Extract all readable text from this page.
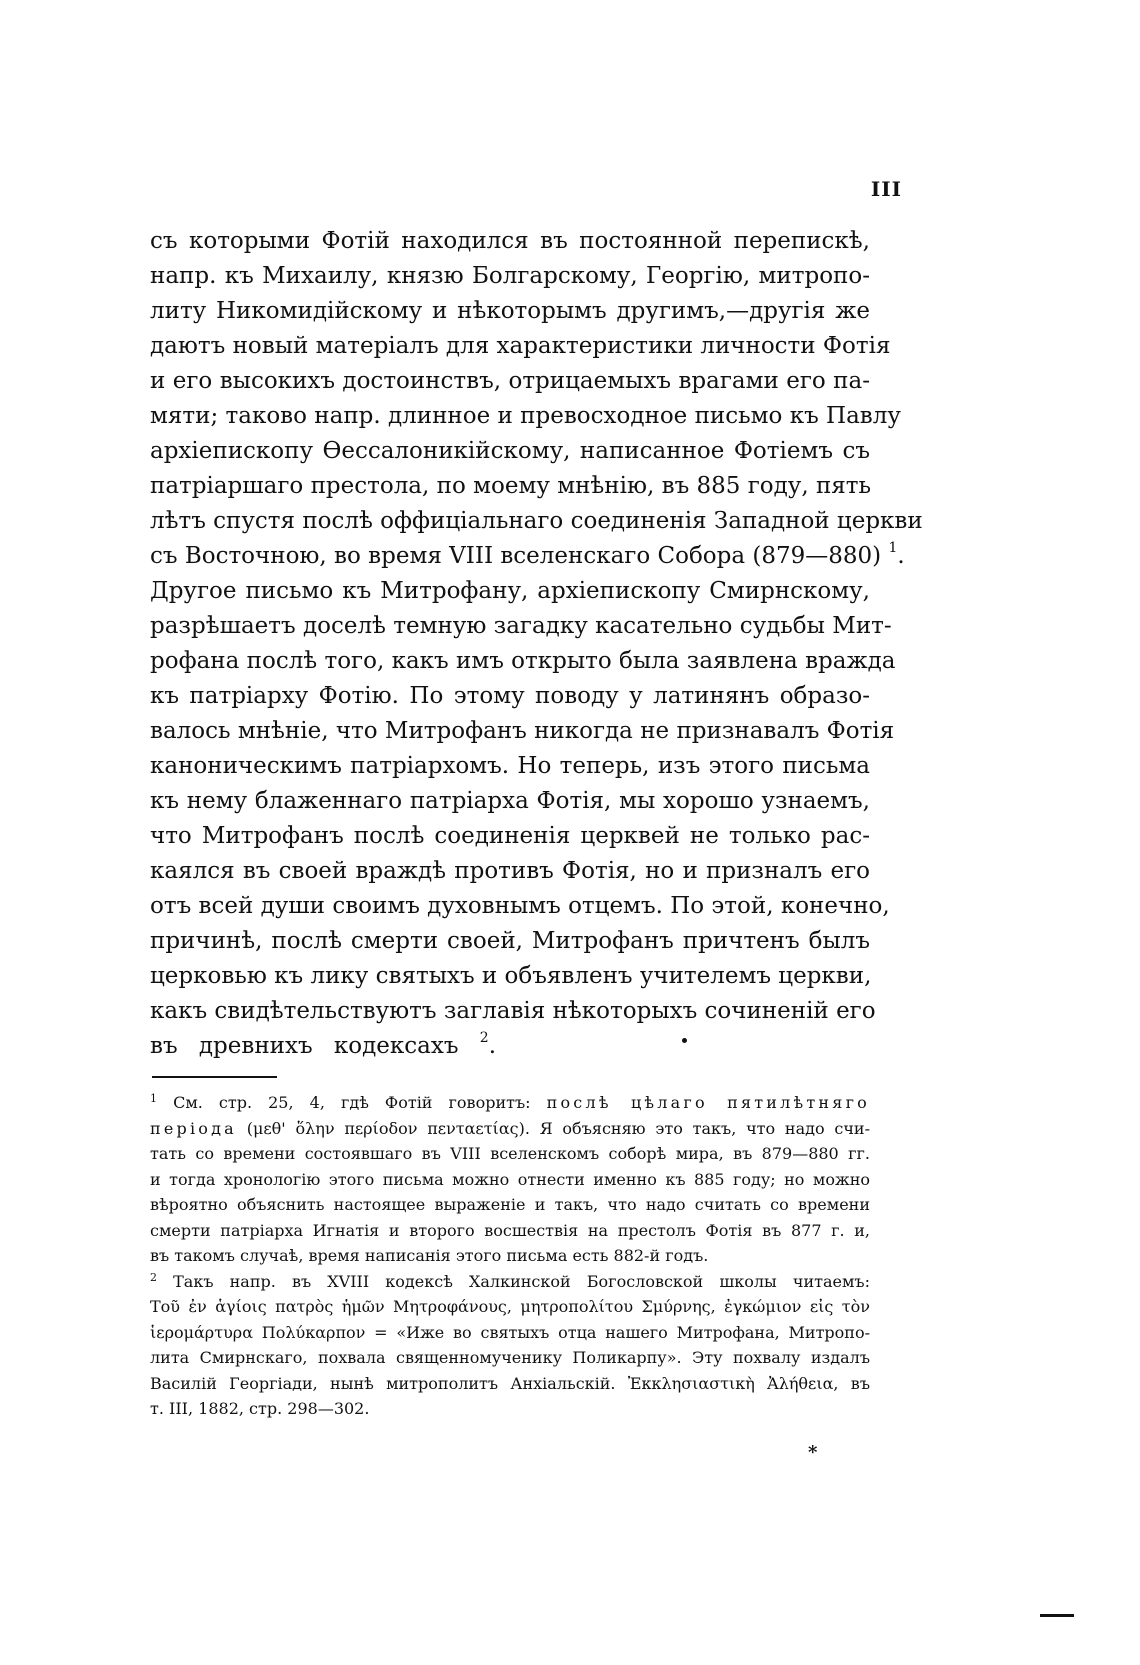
III
съ которыми Фотій находился въ постоянной перепискѣ,
напр. къ Михаилу, князю Болгарскому, Георгію, митропо-
литу Никомидійскому и нѣкоторымъ другимъ,—другія же
даютъ новый матеріалъ для характеристики личности Фотія
и его высокихъ достоинствъ, отрицаемыхъ врагами его па-
мяти; таково напр. длинное и превосходное письмо къ Павлу
архіепископу Ѳессалоникійскому, написанное Фотіемъ съ
патріаршаго престола, по моему мнѣнію, въ 885 году, пять
лѣтъ спустя послѣ оффиціальнаго соединенія Западной церкви
съ Восточною, во время VIII вселенскаго Собора (879—880) $^1$.
Другое письмо къ Митрофану, архіепископу Смирнскому,
разрѣшаетъ доселѣ темную загадку касательно судьбы Мит-
рофана послѣ того, какъ имъ открыто была заявлена вражда
къ патріарху Фотію. По этому поводу у латинянъ образо-
валось мнѣніе, что Митрофанъ никогда не признавалъ Фотія
каноническимъ патріархомъ. Но теперь, изъ этого письма
къ нему блаженнаго патріарха Фотія, мы хорошо узнаемъ,
что Митрофанъ послѣ соединенія церквей не только рас-
каялся въ своей враждѣ противъ Фотія, но и призналъ его
отъ всей души своимъ духовнымъ отцемъ. По этой, конечно,
причинѣ, послѣ смерти своей, Митрофанъ причтенъ былъ
церковью къ лику святыхъ и объявленъ учителемъ церкви,
какъ свидѣтельствуютъ заглавія нѣкоторыхъ сочиненій его
въ древнихъ кодексахъ $^2$.
$^1$ См. стр. 25, 4, гдѣ Фотій говоритъ: послѣ цѣлаго пятилѣтняго
періода (μεθ' ὅλην περίοδον πενταετίας). Я объясняю это такъ, что надо счи-
тать со времени состоявшаго въ VIII вселенскомъ соборѣ мира, въ 879—880 гг.
и тогда хронологію этого письма можно отнести именно къ 885 году; но можно
вѣроятно объяснить настоящее выраженіе и такъ, что надо считать со времени
смерти патріарха Игнатія и второго восшествія на престолъ Фотія въ 877 г. и,
въ такомъ случаѣ, время написанія этого письма есть 882-й годъ.
$^2$ Такъ напр. въ XVIII кодексѣ Халкинской Богословской школы читаемъ:
Τοῦ ἐν ἁγίοις πατρὸς ἡμῶν Μητροφάνους, μητροπολίτου Σμύρνης, ἐγκώμιον εἰς τὸν
ἱερομάρτυρα Πολύκαρπον = «Иже во святыхъ отца нашего Митрофана, Митропо-
лита Смирнскаго, похвала священномученику Поликарпу». Эту похвалу издалъ
Василій Георгіади, нынѣ митрополитъ Анхіальскій. Ἐκκλησιαστικὴ Ἀλήθεια, въ
т. III, 1882, стр. 298—302.
*
